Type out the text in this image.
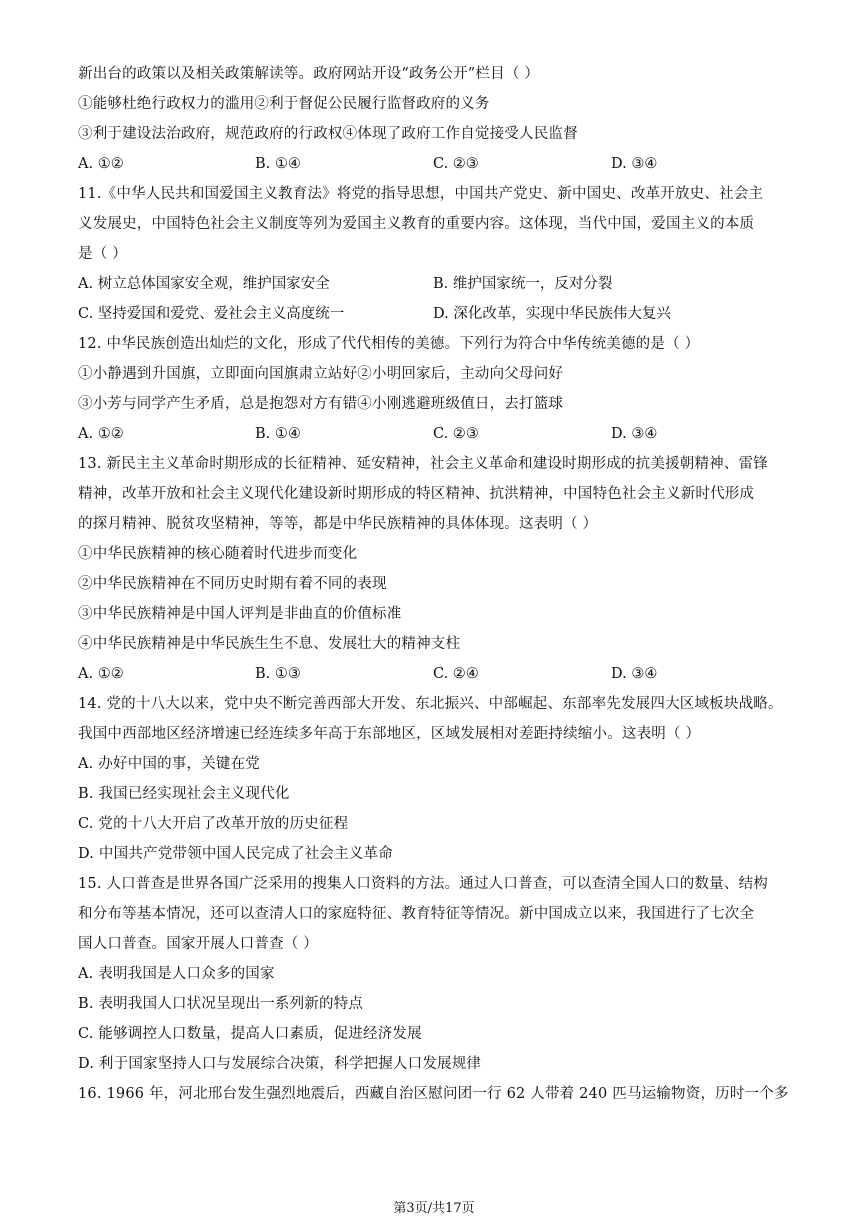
新出台的政策以及相关政策解读等。政府网站开设“政务公开”栏目（ ）
①能够杜绝行政权力的滥用②利于督促公民履行监督政府的义务
③利于建设法治政府，规范政府的行政权④体现了政府工作自觉接受人民监督
A. ①②	B. ①④	C. ②③	D. ③④
11.《中华人民共和国爱国主义教育法》将党的指导思想，中国共产党史、新中国史、改革开放史、社会主
义发展史，中国特色社会主义制度等列为爱国主义教育的重要内容。这体现，当代中国，爱国主义的本质
是（ ）
A. 树立总体国家安全观，维护国家安全	B. 维护国家统一，反对分裂
C. 坚持爱国和爱党、爱社会主义高度统一	D. 深化改革，实现中华民族伟大复兴
12. 中华民族创造出灿烂的文化，形成了代代相传的美德。下列行为符合中华传统美德的是（ ）
①小静遇到升国旗，立即面向国旗肃立站好②小明回家后，主动向父母问好
③小芳与同学产生矛盾，总是抱怨对方有错④小刚逃避班级值日，去打篮球
A. ①②	B. ①④	C. ②③	D. ③④
13. 新民主主义革命时期形成的长征精神、延安精神，社会主义革命和建设时期形成的抗美援朝精神、雷锋
精神，改革开放和社会主义现代化建设新时期形成的特区精神、抗洪精神，中国特色社会主义新时代形成
的探月精神、脱贫攻坚精神，等等，都是中华民族精神的具体体现。这表明（ ）
①中华民族精神的核心随着时代进步而变化
②中华民族精神在不同历史时期有着不同的表现
③中华民族精神是中国人评判是非曲直的价值标准
④中华民族精神是中华民族生生不息、发展壮大的精神支柱
A. ①②	B. ①③	C. ②④	D. ③④
14. 党的十八大以来，党中央不断完善西部大开发、东北振兴、中部崛起、东部率先发展四大区域板块战略。
我国中西部地区经济增速已经连续多年高于东部地区，区域发展相对差距持续缩小。这表明（ ）
A. 办好中国的事，关键在党
B. 我国已经实现社会主义现代化
C. 党的十八大开启了改革开放的历史征程
D. 中国共产党带领中国人民完成了社会主义革命
15. 人口普查是世界各国广泛采用的搜集人口资料的方法。通过人口普查，可以查清全国人口的数量、结构
和分布等基本情况，还可以查清人口的家庭特征、教育特征等情况。新中国成立以来，我国进行了七次全
国人口普查。国家开展人口普查（ ）
A. 表明我国是人口众多的国家
B. 表明我国人口状况呈现出一系列新的特点
C. 能够调控人口数量，提高人口素质，促进经济发展
D. 利于国家坚持人口与发展综合决策，科学把握人口发展规律
16. 1966 年，河北邢台发生强烈地震后，西藏自治区慰问团一行 62 人带着 240 匹马运输物资，历时一个多
第3页/共17页
